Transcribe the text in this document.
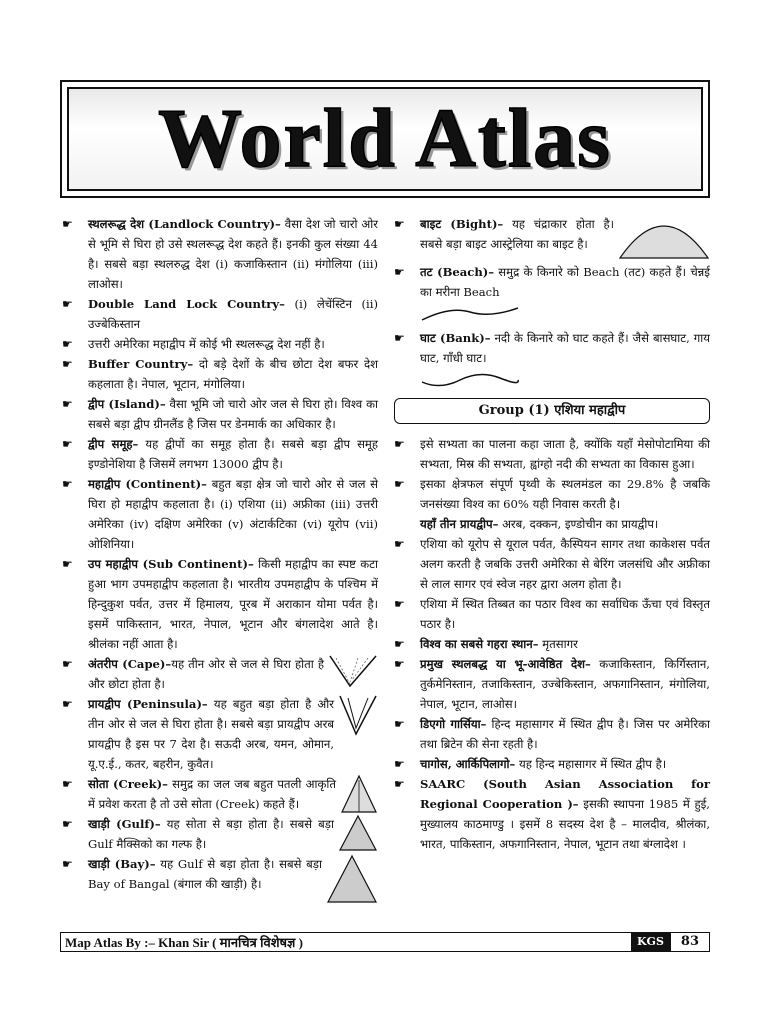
World Atlas

☛ स्थलरूद्ध देश (Landlock Country)– वैसा देश जो चारो ओर से भूमि से घिरा हो उसे स्थलरूद्ध देश कहते हैं। इनकी कुल संख्या 44 है। सबसे बड़ा स्थलरुद्ध देश (i) कजाकिस्तान (ii) मंगोलिया (iii) लाओस।

☛ Double Land Lock Country– (i) लेचेंस्टिन (ii) उज्बेकिस्तान

☛ उत्तरी अमेरिका महाद्वीप में कोई भी स्थलरूद्ध देश नहीं है।

☛ Buffer Country– दो बड़े देशों के बीच छोटा देश बफर देश कहलाता है। नेपाल, भूटान, मंगोलिया।

☛ द्वीप (Island)– वैसा भूमि जो चारो ओर जल से घिरा हो। विश्व का सबसे बड़ा द्वीप ग्रीनलैंड है जिस पर डेनमार्क का अधिकार है।

☛ द्वीप समूह– यह द्वीपों का समूह होता है। सबसे बड़ा द्वीप समूह इण्डोनेशिया है जिसमें लगभग 13000 द्वीप है।

☛ महाद्वीप (Continent)– बहुत बड़ा क्षेत्र जो चारो ओर से जल से घिरा हो महाद्वीप कहलाता है। (i) एशिया (ii) अफ्रीका (iii) उत्तरी अमेरिका (iv) दक्षिण अमेरिका (v) अंटार्कटिका (vi) यूरोप (vii) ओशिनिया।

☛ उप महाद्वीप (Sub Continent)– किसी महाद्वीप का स्पष्ट कटा हुआ भाग उपमहाद्वीप कहलाता है। भारतीय उपमहाद्वीप के पश्चिम में हिन्दुकुश पर्वत, उत्तर में हिमालय, पूरब में अराकान योमा पर्वत है। इसमें पाकिस्तान, भारत, नेपाल, भूटान और बंगलादेश आते है। श्रीलंका नहीं आता है।

☛ अंतरीप (Cape)–यह तीन ओर से जल से घिरा होता है और छोटा होता है।

☛ प्रायद्वीप (Peninsula)– यह बहुत बड़ा होता है और तीन ओर से जल से घिरा होता है। सबसे बड़ा प्रायद्वीप अरब प्रायद्वीप है इस पर 7 देश है। सऊदी अरब, यमन, ओमान, यू.ए.ई., कतर, बहरीन, कुवैत।

☛ सोता (Creek)– समुद्र का जल जब बहुत पतली आकृति में प्रवेश करता है तो उसे सोता (Creek) कहते हैं।

☛ खाड़ी (Gulf)– यह सोता से बड़ा होता है। सबसे बड़ा Gulf मैक्सिको का गल्फ है।

☛ खाड़ी (Bay)– यह Gulf से बड़ा होता है। सबसे बड़ा Bay of Bangal (बंगाल की खाड़ी) है।

☛ बाइट (Bight)– यह चंद्राकार होता है। सबसे बड़ा बाइट आस्ट्रेलिया का बाइट है।

☛ तट (Beach)– समुद्र के किनारे को Beach (तट) कहते हैं। चेन्नई का मरीना Beach

☛ घाट (Bank)– नदी के किनारे को घाट कहते हैं। जैसे बासघाट, गाय घाट, गाँधी घाट।

Group (1) एशिया महाद्वीप

☛ इसे सभ्यता का पालना कहा जाता है, क्योंकि यहाँ मेसोपोटामिया की सभ्यता, मिस्र की सभ्यता, ह्वांग्हो नदी की सभ्यता का विकास हुआ।

☛ इसका क्षेत्रफल संपूर्ण पृथ्वी के स्थलमंडल का 29.8% है जबकि जनसंख्या विश्व का 60% यही निवास करती है।

यहाँ तीन प्रायद्वीप– अरब, दक्कन, इण्डोचीन का प्रायद्वीप।

☛ एशिया को यूरोप से यूराल पर्वत, कैस्पियन सागर तथा काकेशस पर्वत अलग करती है जबकि उत्तरी अमेरिका से बेरिंग जलसंधि और अफ्रीका से लाल सागर एवं स्वेज नहर द्वारा अलग होता है।

☛ एशिया में स्थित तिब्बत का पठार विश्व का सर्वाधिक ऊँचा एवं विस्तृत पठार है।

☛ विश्व का सबसे गहरा स्थान– मृतसागर

☛ प्रमुख स्थलबद्ध या भू-आवेष्ठित देश– कजाकिस्तान, किर्गिस्तान, तुर्कमेनिस्तान, तजाकिस्तान, उज्बेकिस्तान, अफगानिस्तान, मंगोलिया, नेपाल, भूटान, लाओस।

☛ डिएगो गार्सिया– हिन्द महासागर में स्थित द्वीप है। जिस पर अमेरिका तथा ब्रिटेन की सेना रहती है।

☛ चागोस, आर्किपिलागो– यह हिन्द महासागर में स्थित द्वीप है।

☛ SAARC (South Asian Association for Regional Cooperation )– इसकी स्थापना 1985 में हुई, मुख्यालय काठमाण्डु । इसमें 8 सदस्य देश है – मालदीव, श्रीलंका, भारत, पाकिस्तान, अफगानिस्तान, नेपाल, भूटान तथा बंग्लादेश ।

Map Atlas By :– Khan Sir ( मानचित्र विशेषज्ञ )	KGS	83
